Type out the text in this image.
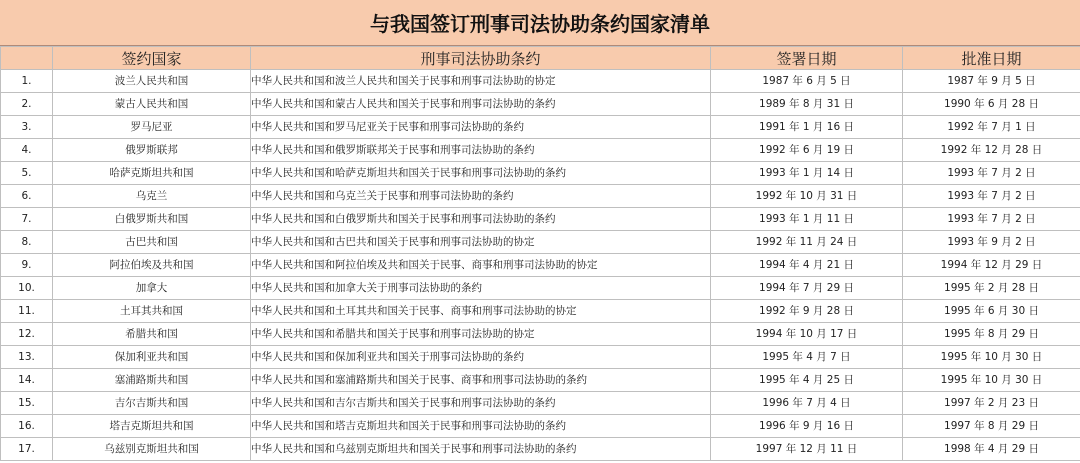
与我国签订刑事司法协助条约国家清单
	签约国家	刑事司法协助条约	签署日期	批准日期
1.	波兰人民共和国	中华人民共和国和波兰人民共和国关于民事和刑事司法协助的协定	1987 年 6 月 5 日	1987 年 9 月 5 日
2.	蒙古人民共和国	中华人民共和国和蒙古人民共和国关于民事和刑事司法协助的条约	1989 年 8 月 31 日	1990 年 6 月 28 日
3.	罗马尼亚	中华人民共和国和罗马尼亚关于民事和刑事司法协助的条约	1991 年 1 月 16 日	1992 年 7 月 1 日
4.	俄罗斯联邦	中华人民共和国和俄罗斯联邦关于民事和刑事司法协助的条约	1992 年 6 月 19 日	1992 年 12 月 28 日
5.	哈萨克斯坦共和国	中华人民共和国和哈萨克斯坦共和国关于民事和刑事司法协助的条约	1993 年 1 月 14 日	1993 年 7 月 2 日
6.	乌克兰	中华人民共和国和乌克兰关于民事和刑事司法协助的条约	1992 年 10 月 31 日	1993 年 7 月 2 日
7.	白俄罗斯共和国	中华人民共和国和白俄罗斯共和国关于民事和刑事司法协助的条约	1993 年 1 月 11 日	1993 年 7 月 2 日
8.	古巴共和国	中华人民共和国和古巴共和国关于民事和刑事司法协助的协定	1992 年 11 月 24 日	1993 年 9 月 2 日
9.	阿拉伯埃及共和国	中华人民共和国和阿拉伯埃及共和国关于民事、商事和刑事司法协助的协定	1994 年 4 月 21 日	1994 年 12 月 29 日
10.	加拿大	中华人民共和国和加拿大关于刑事司法协助的条约	1994 年 7 月 29 日	1995 年 2 月 28 日
11.	土耳其共和国	中华人民共和国和土耳其共和国关于民事、商事和刑事司法协助的协定	1992 年 9 月 28 日	1995 年 6 月 30 日
12.	希腊共和国	中华人民共和国和希腊共和国关于民事和刑事司法协助的协定	1994 年 10 月 17 日	1995 年 8 月 29 日
13.	保加利亚共和国	中华人民共和国和保加利亚共和国关于刑事司法协助的条约	1995 年 4 月 7 日	1995 年 10 月 30 日
14.	塞浦路斯共和国	中华人民共和国和塞浦路斯共和国关于民事、商事和刑事司法协助的条约	1995 年 4 月 25 日	1995 年 10 月 30 日
15.	吉尔吉斯共和国	中华人民共和国和吉尔吉斯共和国关于民事和刑事司法协助的条约	1996 年 7 月 4 日	1997 年 2 月 23 日
16.	塔吉克斯坦共和国	中华人民共和国和塔吉克斯坦共和国关于民事和刑事司法协助的条约	1996 年 9 月 16 日	1997 年 8 月 29 日
17.	乌兹别克斯坦共和国	中华人民共和国和乌兹别克斯坦共和国关于民事和刑事司法协助的条约	1997 年 12 月 11 日	1998 年 4 月 29 日
